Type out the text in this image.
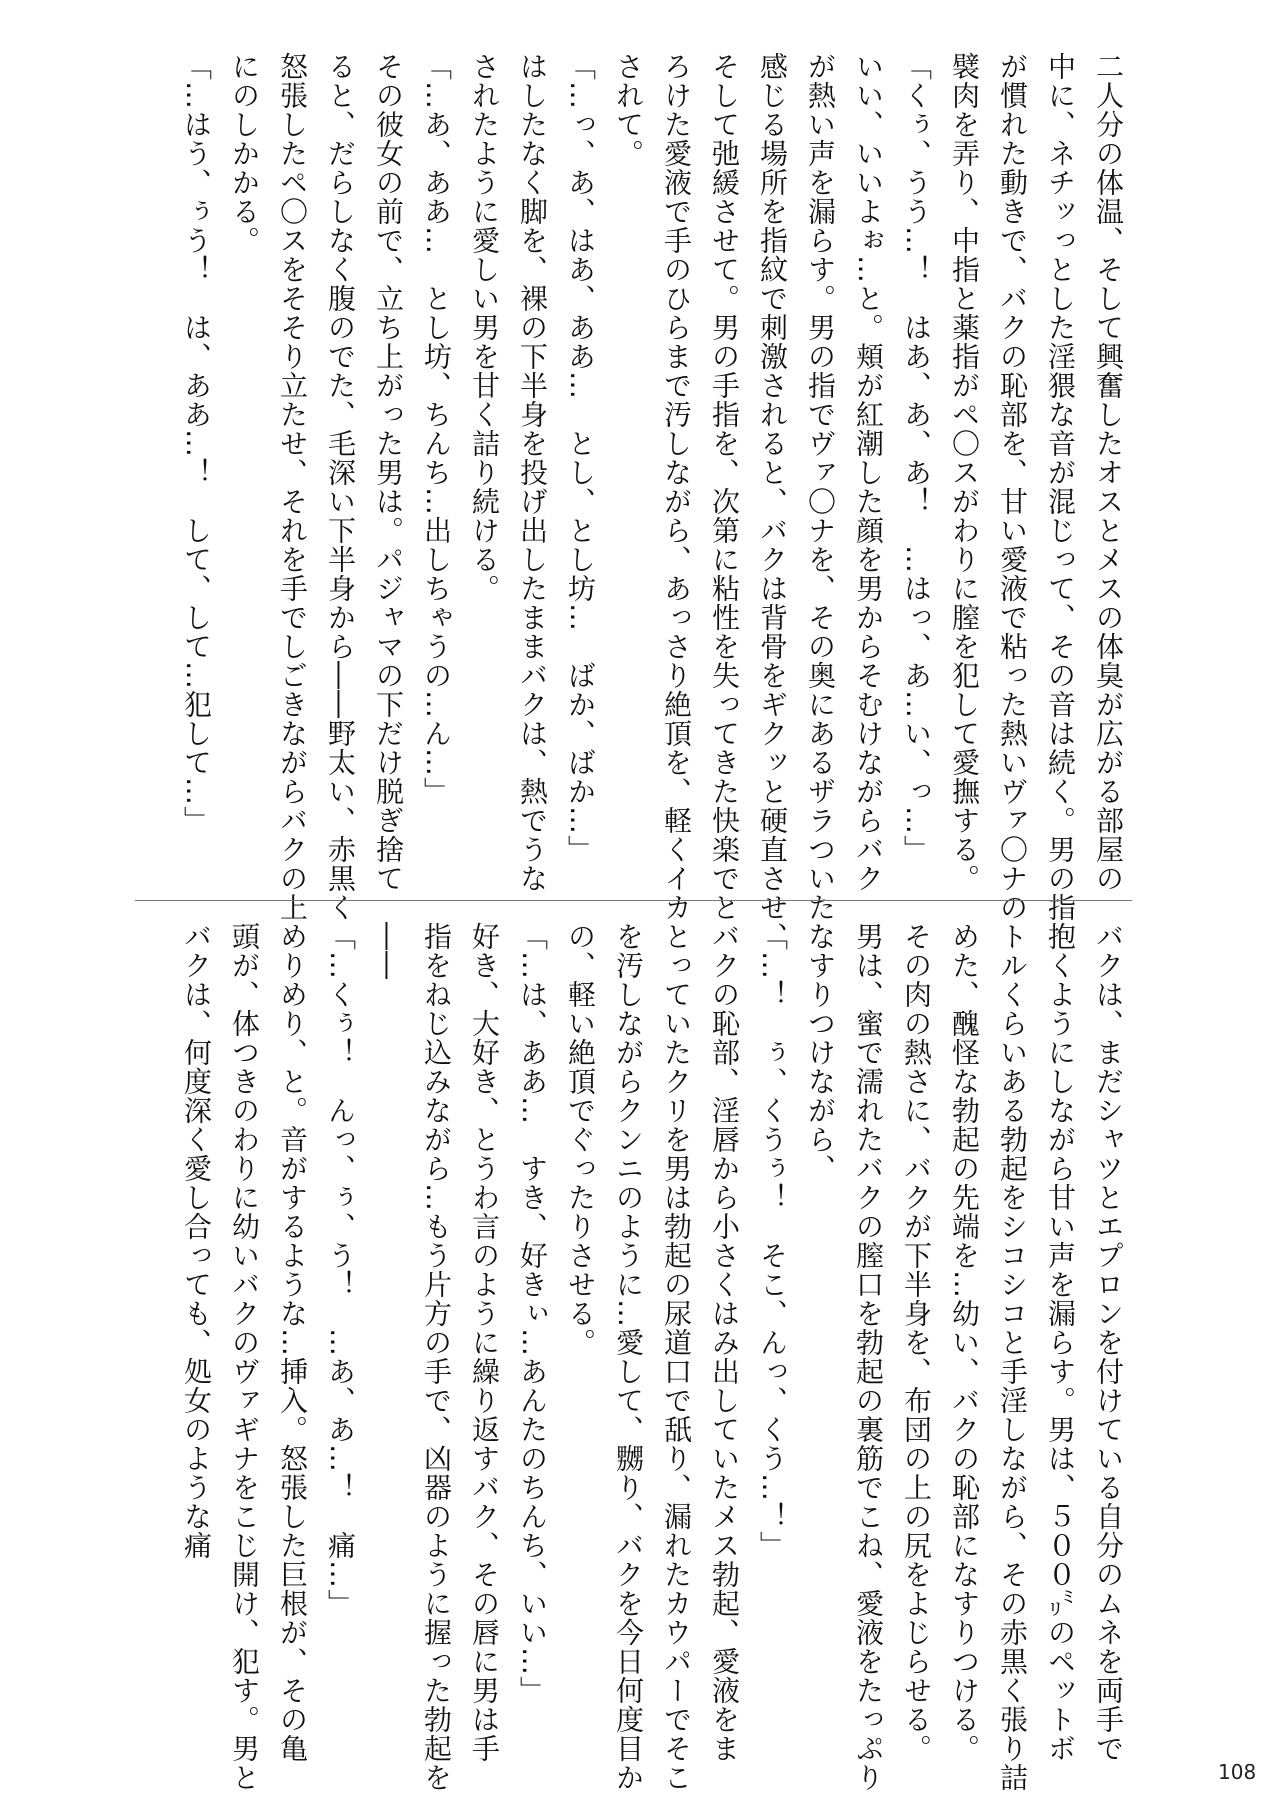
二人分の体温、そして興奮したオスとメスの体臭が広がる部屋の
中に、ネチッっとした淫猥な音が混じって、その音は続く。男の指
が慣れた動きで、バクの恥部を、甘い愛液で粘った熱いヴァ〇ナの
襞肉を弄り、中指と薬指がペ〇スがわりに膣を犯して愛撫する。
「くぅ、うう…！　はあ、あ、あ！　…はっ、あ…い、っ…」
いい、いいよぉ…と。頬が紅潮した顔を男からそむけながらバク
が熱い声を漏らす。男の指でヴァ〇ナを、その奥にあるザラついた
感じる場所を指紋で刺激されると、バクは背骨をギクッと硬直させ、
そして弛緩させて。男の手指を、次第に粘性を失ってきた快楽でと
ろけた愛液で手のひらまで汚しながら、あっさり絶頂を、軽くイカ
されて。
「…っ、あ、はあ、ああ…　とし、とし坊…　ばか、ばか…」
はしたなく脚を、裸の下半身を投げ出したままバクは、熱でうな
されたように愛しい男を甘く詰り続ける。
「…あ、ああ…　とし坊、ちんち…出しちゃうの…ん…」
その彼女の前で、立ち上がった男は。パジャマの下だけ脱ぎ捨て
ると、だらしなく腹のでた、毛深い下半身から――野太い、赤黒く
怒張したペ〇スをそそり立たせ、それを手でしごきながらバクの上
にのしかかる。
「…はう、ぅう！　は、ああ…！　して、して…犯して…」
バクは、まだシャツとエプロンを付けている自分のムネを両手で
抱くようにしながら甘い声を漏らす。男は、５００㍉のペットボ
トルくらいある勃起をシコシコと手淫しながら、その赤黒く張り詰
めた、醜怪な勃起の先端を…幼い、バクの恥部になすりつける。
その肉の熱さに、バクが下半身を、布団の上の尻をよじらせる。
男は、蜜で濡れたバクの膣口を勃起の裏筋でこね、愛液をたっぷり
なすりつけながら、
「…！　ぅ、くうぅ！　そこ、んっ、くう…！」
バクの恥部、淫唇から小さくはみ出していたメス勃起、愛液をま
とっていたクリを男は勃起の尿道口で舐り、漏れたカウパーでそこ
を汚しながらクンニのように…愛して、嬲り、バクを今日何度目か
の、軽い絶頂でぐったりさせる。
「…は、ああ…　すき、好きぃ…あんたのちんち、いい…」
好き、大好き、とうわ言のように繰り返すバク、その唇に男は手
指をねじ込みながら…もう片方の手で、凶器のように握った勃起を
――
「…くぅ！　んっ、ぅ、う！　…あ、あ…！　痛…」
めりめり、と。音がするような…挿入。怒張した巨根が、その亀
頭が、体つきのわりに幼いバクのヴァギナをこじ開け、犯す。男と
バクは、何度深く愛し合っても、処女のような痛
108
